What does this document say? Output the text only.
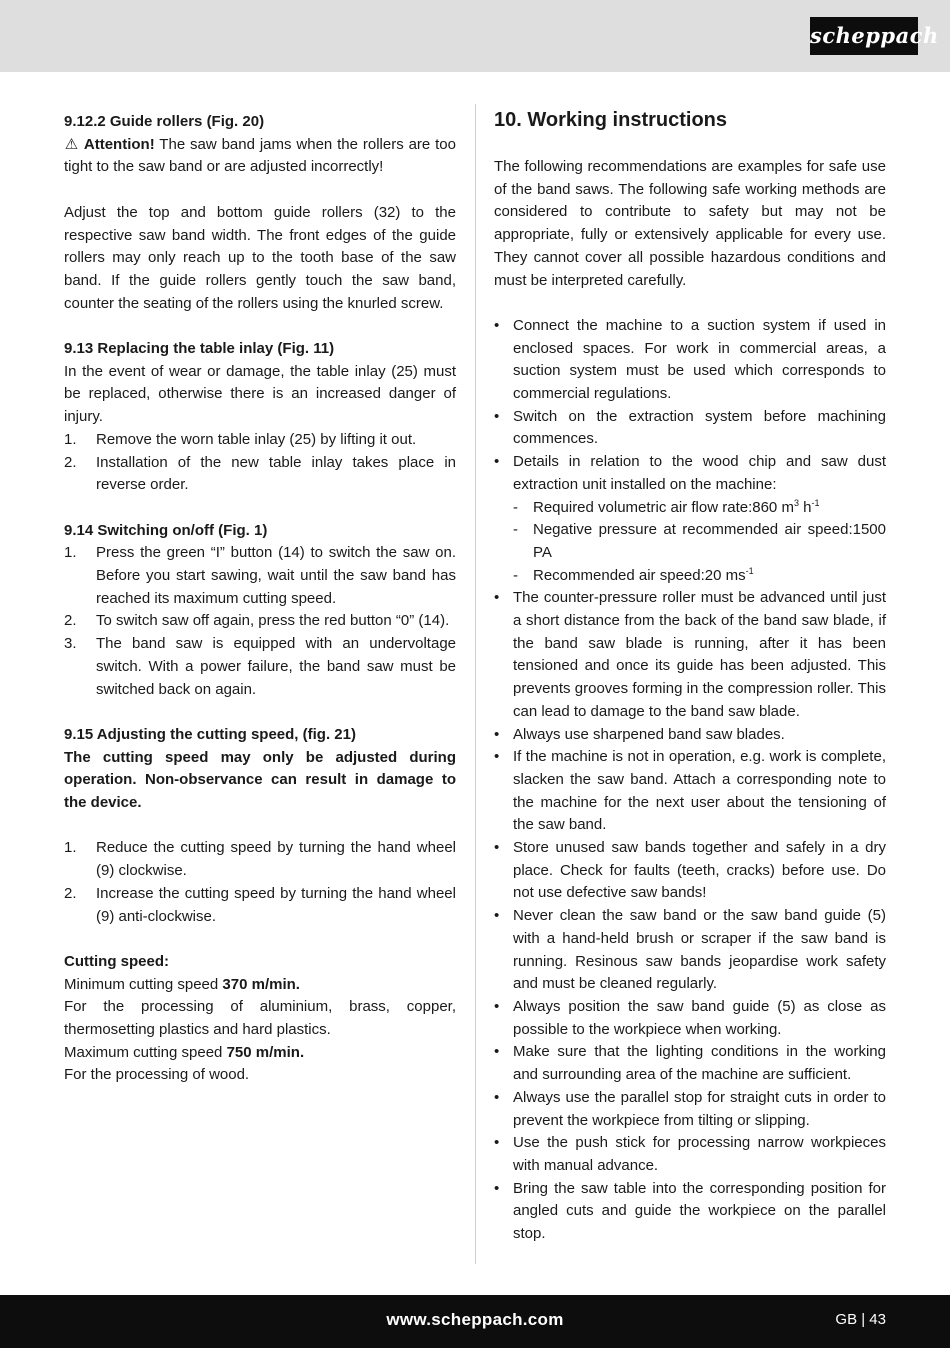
scheppach

9.12.2 Guide rollers (Fig. 20)

⚠ Attention! The saw band jams when the rollers are too tight to the saw band or are adjusted incorrectly!

Adjust the top and bottom guide rollers (32) to the respective saw band width. The front edges of the guide rollers may only reach up to the tooth base of the saw band. If the guide rollers gently touch the saw band, counter the seating of the rollers using the knurled screw.

9.13 Replacing the table inlay (Fig. 11)

In the event of wear or damage, the table inlay (25) must be replaced, otherwise there is an increased danger of injury.

1.	Remove the worn table inlay (25) by lifting it out.
2.	Installation of the new table inlay takes place in reverse order.

9.14 Switching on/off (Fig. 1)

1.	Press the green “I” button (14) to switch the saw on. Before you start sawing, wait until the saw band has reached its maximum cutting speed.
2.	To switch saw off again, press the red button “0” (14).
3.	The band saw is equipped with an undervoltage switch. With a power failure, the band saw must be switched back on again.

9.15 Adjusting the cutting speed, (fig. 21)

The cutting speed may only be adjusted during operation. Non-observance can result in damage to the device.

1.	Reduce the cutting speed by turning the hand wheel (9) clockwise.
2.	Increase the cutting speed by turning the hand wheel (9) anti-clockwise.

Cutting speed:

Minimum cutting speed 370 m/min.

For the processing of aluminium, brass, copper, thermosetting plastics and hard plastics.

Maximum cutting speed 750 m/min.

For the processing of wood.

10. Working instructions

The following recommendations are examples for safe use of the band saws. The following safe working methods are considered to contribute to safety but may not be appropriate, fully or extensively applicable for every use. They cannot cover all possible hazardous conditions and must be interpreted carefully.

• Connect the machine to a suction system if used in enclosed spaces. For work in commercial areas, a suction system must be used which corresponds to commercial regulations.
• Switch on the extraction system before machining commences.
• Details in relation to the wood chip and saw dust extraction unit installed on the machine:
-	Required volumetric air flow rate:860 $m^3$ $h^{-1}$
-	Negative pressure at recommended air speed:1500 PA
-	Recommended air speed:20 $ms^{-1}$
• The counter-pressure roller must be advanced until just a short distance from the back of the band saw blade, if the band saw blade is running, after it has been tensioned and once its guide has been adjusted. This prevents grooves forming in the compression roller. This can lead to damage to the band saw blade.
• Always use sharpened band saw blades.
• If the machine is not in operation, e.g. work is complete, slacken the saw band. Attach a corresponding note to the machine for the next user about the tensioning of the saw band.
• Store unused saw bands together and safely in a dry place. Check for faults (teeth, cracks) before use. Do not use defective saw bands!
• Never clean the saw band or the saw band guide (5) with a hand-held brush or scraper if the saw band is running. Resinous saw bands jeopardise work safety and must be cleaned regularly.
• Always position the saw band guide (5) as close as possible to the workpiece when working.
• Make sure that the lighting conditions in the working and surrounding area of the machine are sufficient.
• Always use the parallel stop for straight cuts in order to prevent the workpiece from tilting or slipping.
• Use the push stick for processing narrow workpieces with manual advance.
• Bring the saw table into the corresponding position for angled cuts and guide the workpiece on the parallel stop.
www.scheppach.com	GB | 43
